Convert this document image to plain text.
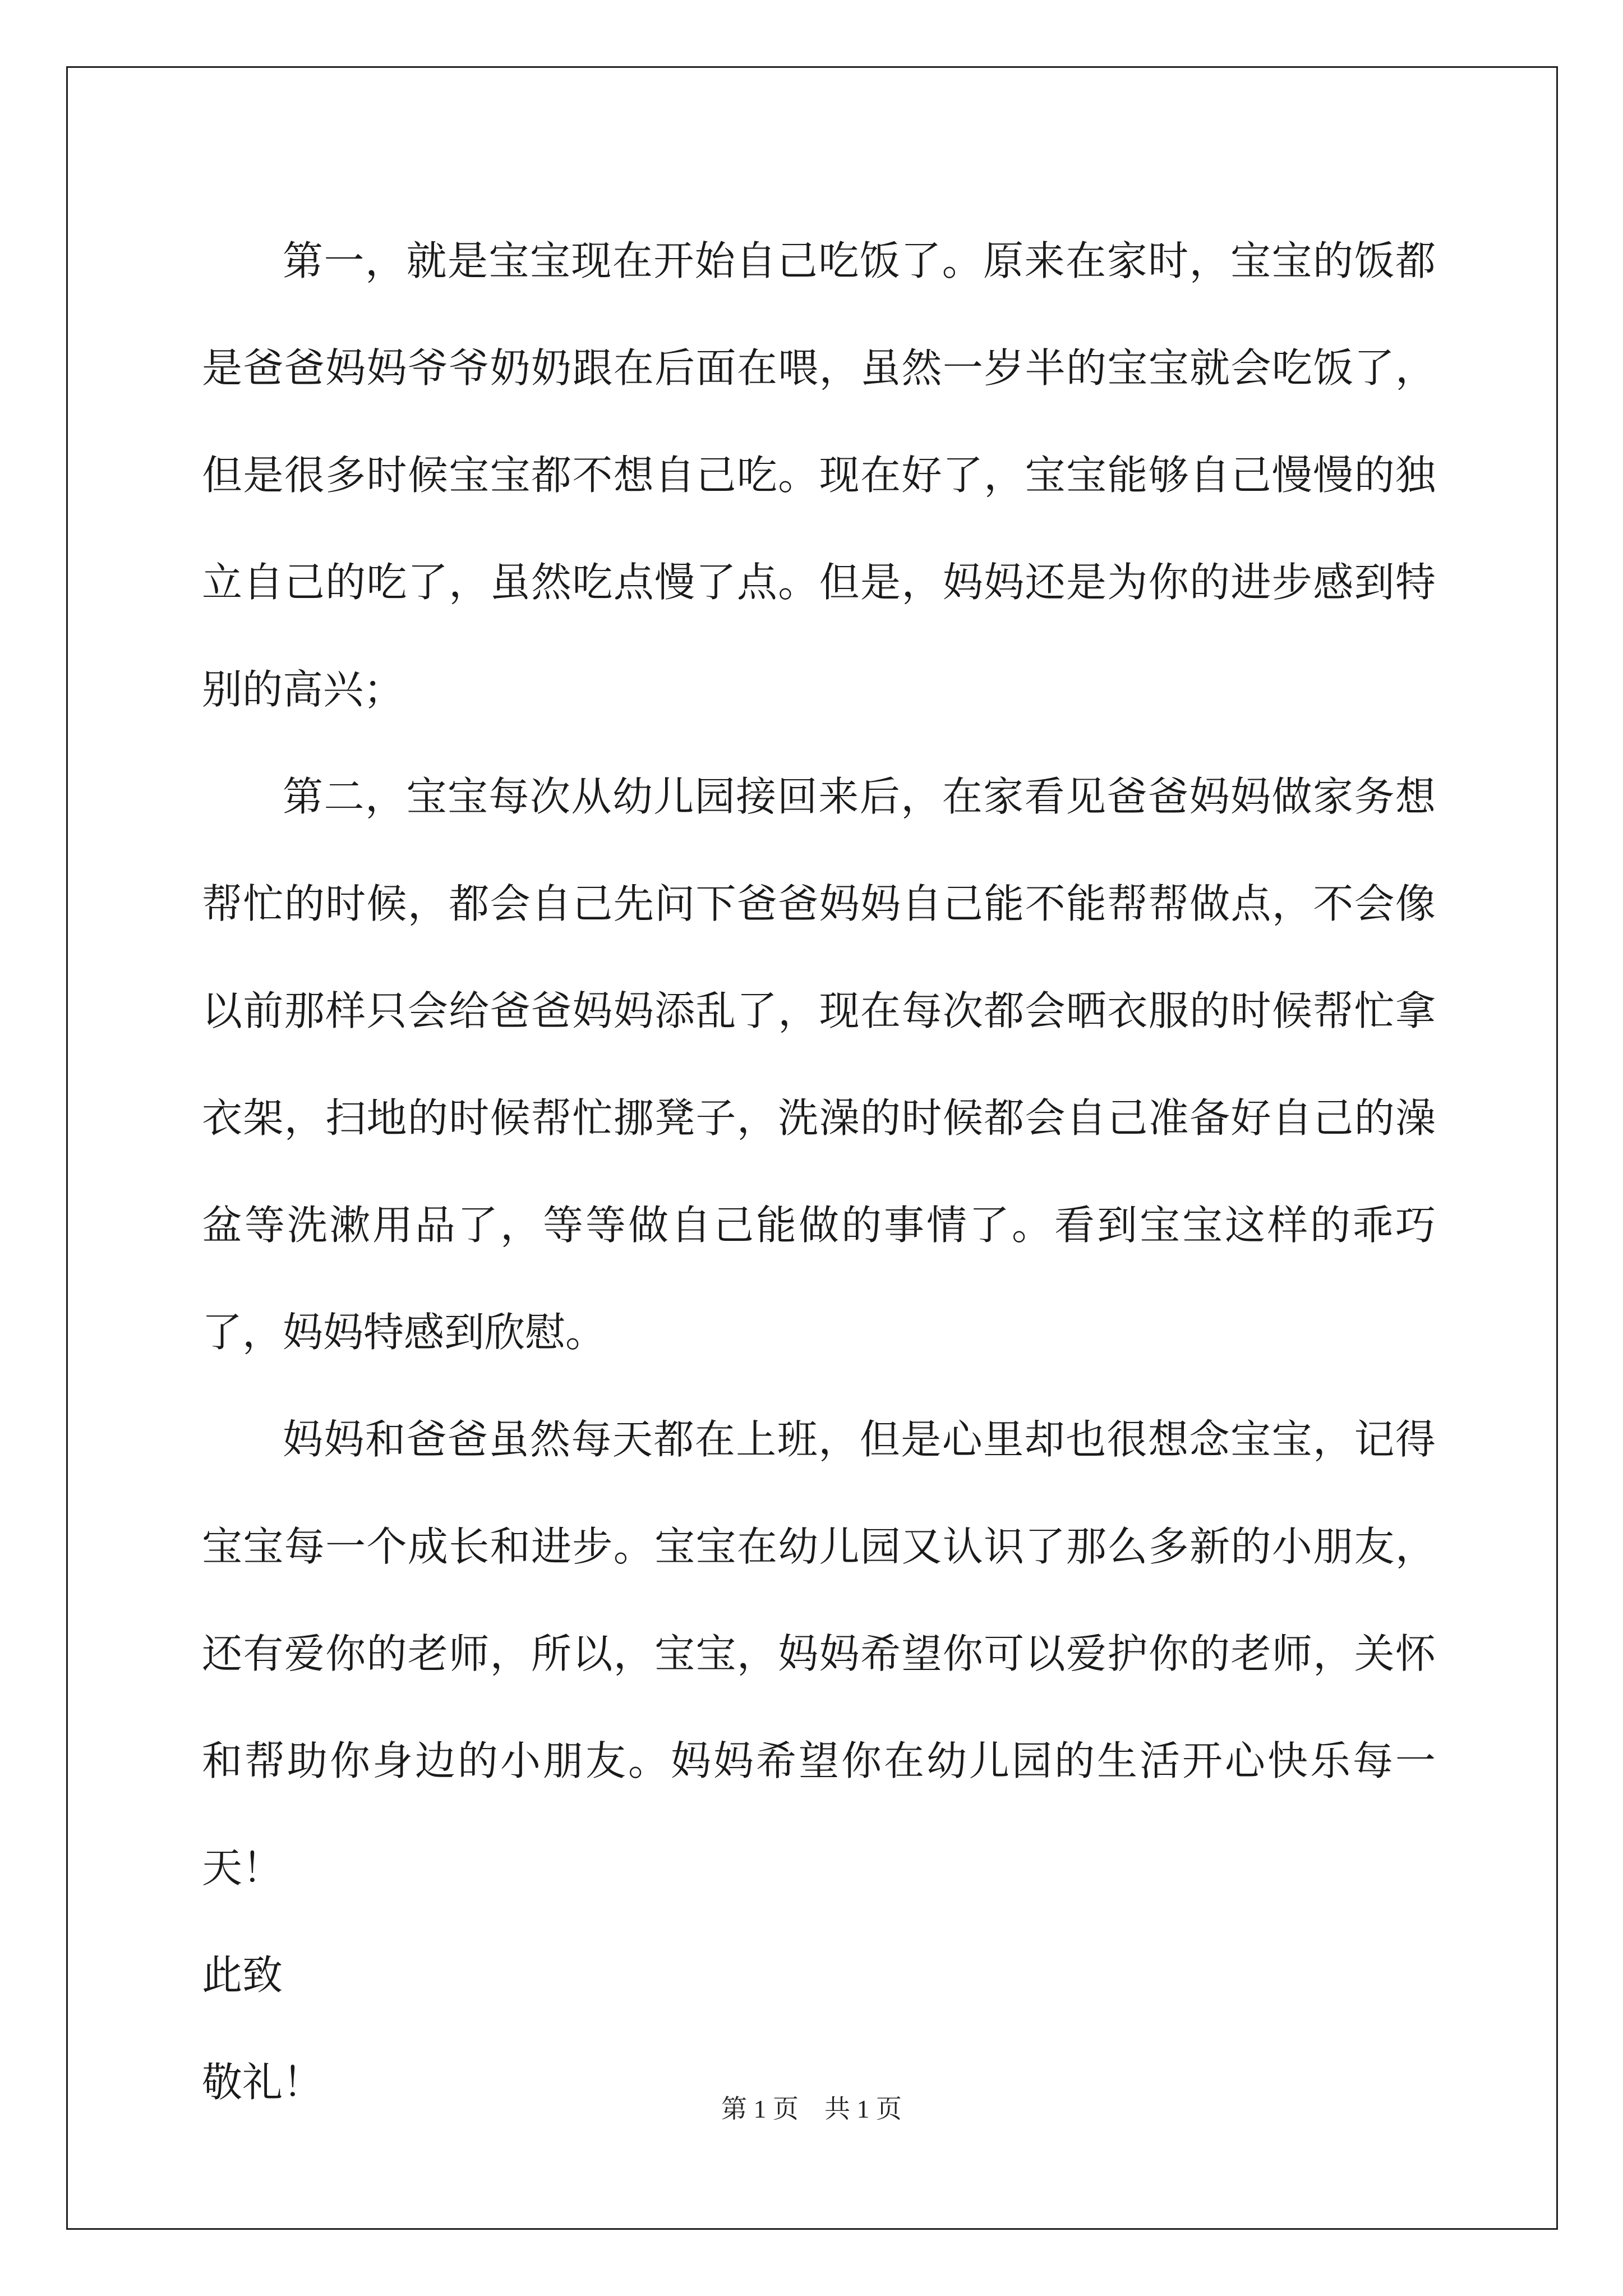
第一，就是宝宝现在开始自己吃饭了。原来在家时，宝宝的饭都是爸爸妈妈爷爷奶奶跟在后面在喂，虽然一岁半的宝宝就会吃饭了，但是很多时候宝宝都不想自己吃。现在好了，宝宝能够自己慢慢的独立自己的吃了，虽然吃点慢了点。但是，妈妈还是为你的进步感到特别的高兴；

第二，宝宝每次从幼儿园接回来后，在家看见爸爸妈妈做家务想帮忙的时候，都会自己先问下爸爸妈妈自己能不能帮帮做点，不会像以前那样只会给爸爸妈妈添乱了，现在每次都会晒衣服的时候帮忙拿衣架，扫地的时候帮忙挪凳子，洗澡的时候都会自己准备好自己的澡盆等洗漱用品了，等等做自己能做的事情了。看到宝宝这样的乖巧了，妈妈特感到欣慰。

妈妈和爸爸虽然每天都在上班，但是心里却也很想念宝宝，记得宝宝每一个成长和进步。宝宝在幼儿园又认识了那么多新的小朋友，还有爱你的老师，所以，宝宝，妈妈希望你可以爱护你的老师，关怀和帮助你身边的小朋友。妈妈希望你在幼儿园的生活开心快乐每一天！

此致

敬礼！

第 1 页　共 1 页
